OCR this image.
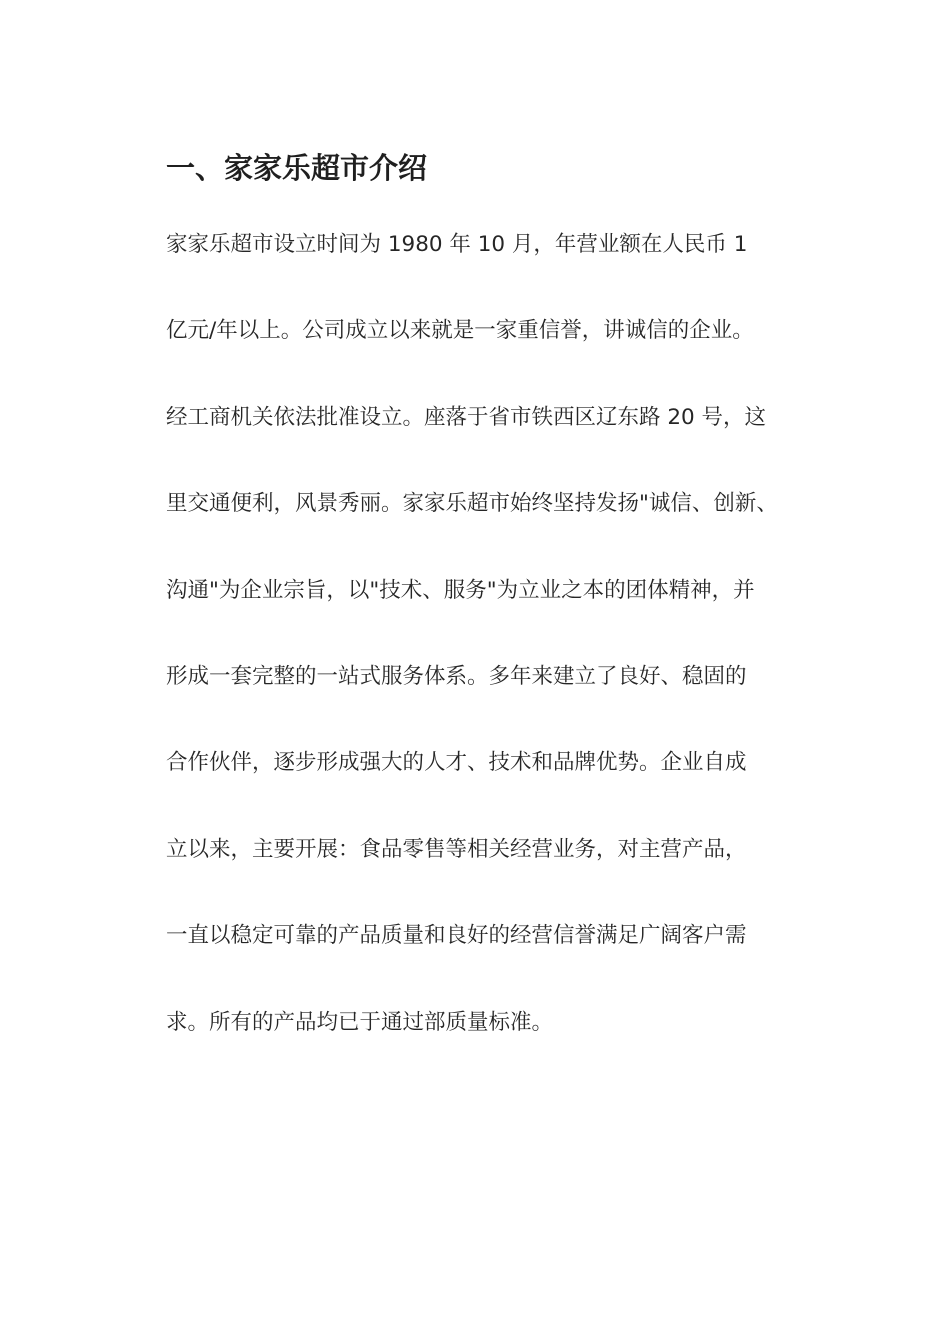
一、家家乐超市介绍
家家乐超市设立时间为 1980 年 10 月，年营业额在人民币 1
亿元/年以上。公司成立以来就是一家重信誉，讲诚信的企业。
经工商机关依法批准设立。座落于省市铁西区辽东路 20 号，这
里交通便利，风景秀丽。家家乐超市始终坚持发扬"诚信、创新、
沟通"为企业宗旨，以"技术、服务"为立业之本的团体精神，并
形成一套完整的一站式服务体系。多年来建立了良好、稳固的
合作伙伴，逐步形成强大的人才、技术和品牌优势。企业自成
立以来，主要开展：食品零售等相关经营业务，对主营产品，
一直以稳定可靠的产品质量和良好的经营信誉满足广阔客户需
求。所有的产品均已于通过部质量标准。
